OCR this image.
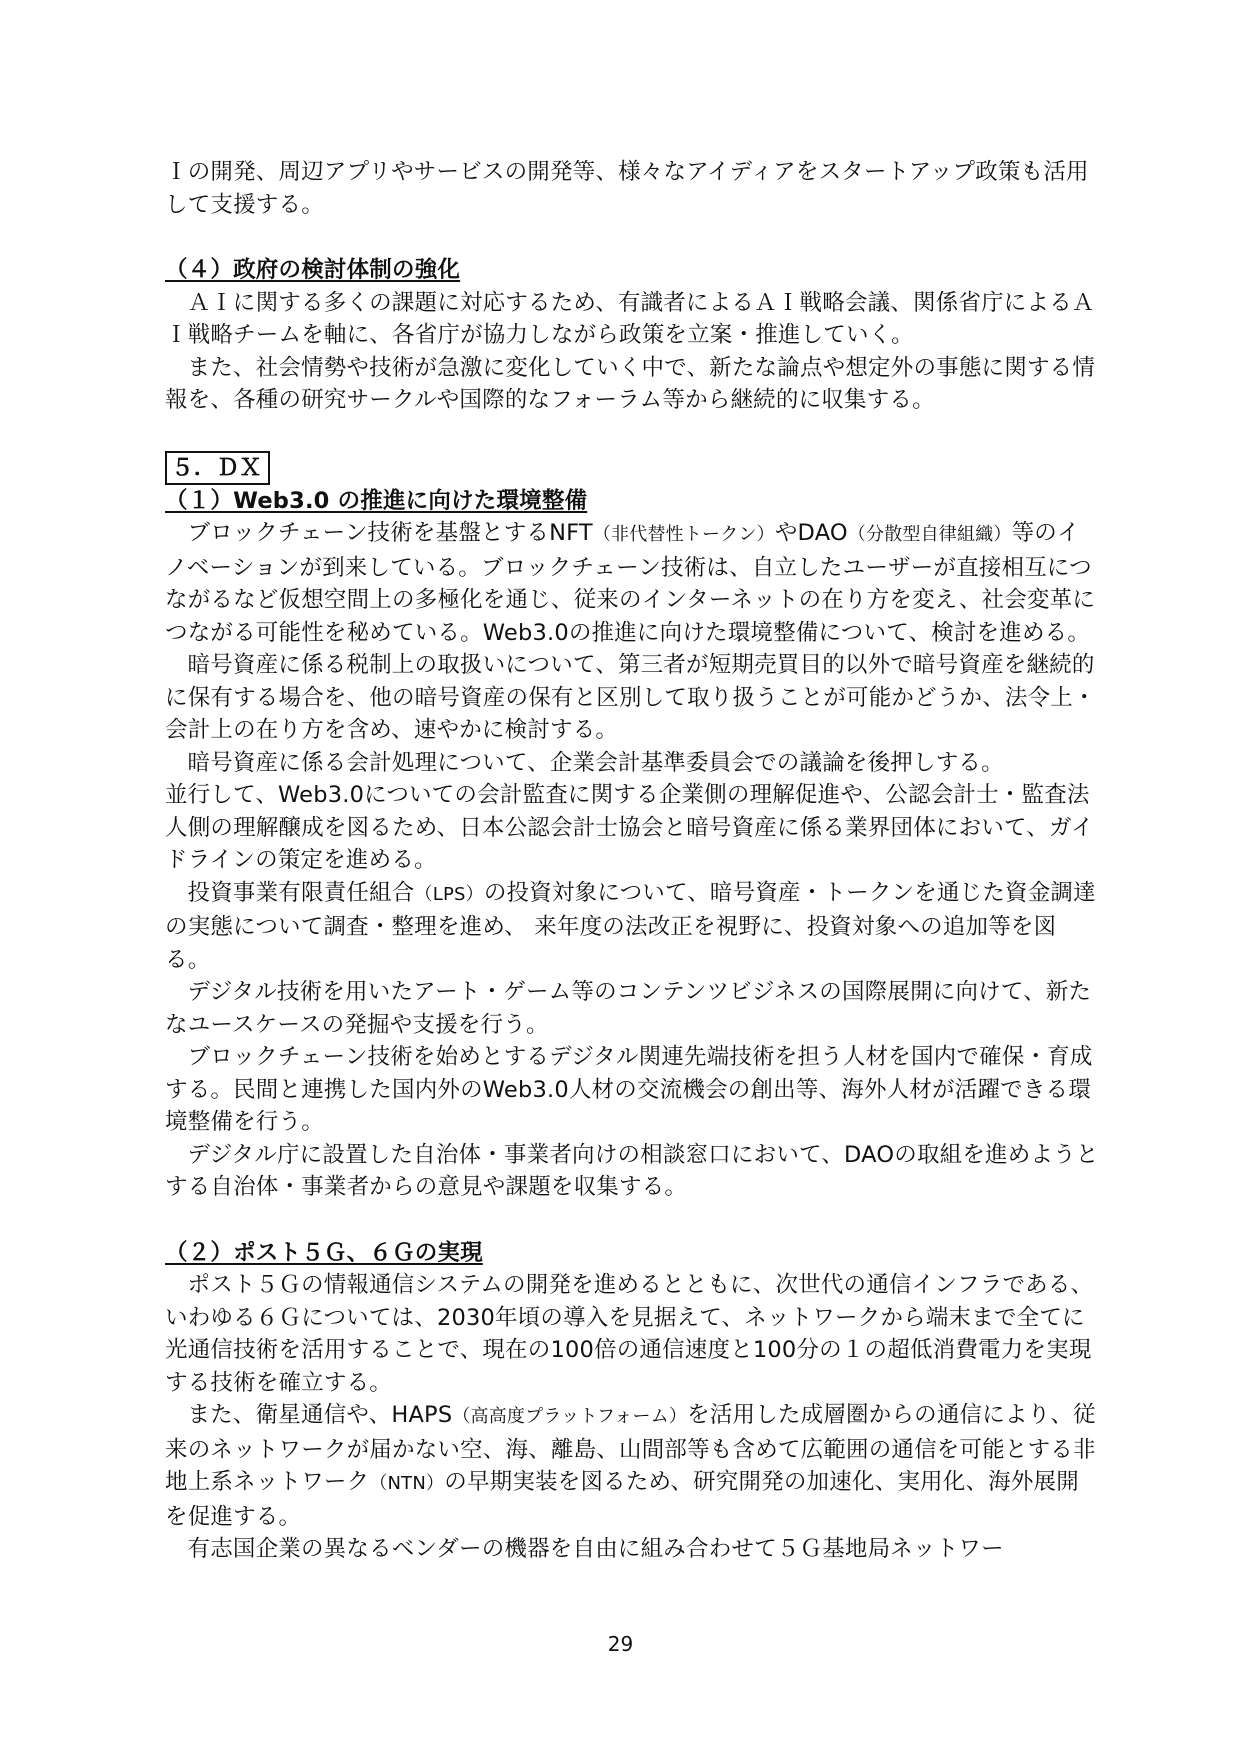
Ｉの開発、周辺アプリやサービスの開発等、様々なアイディアをスタートアップ政策も活用して支援する。

（４）政府の検討体制の強化

ＡＩに関する多くの課題に対応するため、有識者によるＡＩ戦略会議、関係省庁によるＡＩ戦略チームを軸に、各省庁が協力しながら政策を立案・推進していく。

また、社会情勢や技術が急激に変化していく中で、新たな論点や想定外の事態に関する情報を、各種の研究サークルや国際的なフォーラム等から継続的に収集する。

５．ＤＸ

（１）Web3.0 の推進に向けた環境整備

ブロックチェーン技術を基盤とするNFT（非代替性トークン）やDAO（分散型自律組織）等のイノベーションが到来している。ブロックチェーン技術は、自立したユーザーが直接相互につながるなど仮想空間上の多極化を通じ、従来のインターネットの在り方を変え、社会変革につながる可能性を秘めている。Web3.0の推進に向けた環境整備について、検討を進める。

暗号資産に係る税制上の取扱いについて、第三者が短期売買目的以外で暗号資産を継続的に保有する場合を、他の暗号資産の保有と区別して取り扱うことが可能かどうか、法令上・会計上の在り方を含め、速やかに検討する。

暗号資産に係る会計処理について、企業会計基準委員会での議論を後押しする。

並行して、Web3.0についての会計監査に関する企業側の理解促進や、公認会計士・監査法人側の理解醸成を図るため、日本公認会計士協会と暗号資産に係る業界団体において、ガイドラインの策定を進める。

投資事業有限責任組合（LPS）の投資対象について、暗号資産・トークンを通じた資金調達の実態について調査・整理を進め、 来年度の法改正を視野に、投資対象への追加等を図る。

デジタル技術を用いたアート・ゲーム等のコンテンツビジネスの国際展開に向けて、新たなユースケースの発掘や支援を行う。

ブロックチェーン技術を始めとするデジタル関連先端技術を担う人材を国内で確保・育成する。民間と連携した国内外のWeb3.0人材の交流機会の創出等、海外人材が活躍できる環境整備を行う。

デジタル庁に設置した自治体・事業者向けの相談窓口において、DAOの取組を進めようとする自治体・事業者からの意見や課題を収集する。

（２）ポスト５Ｇ、６Ｇの実現

ポスト５Ｇの情報通信システムの開発を進めるとともに、次世代の通信インフラである、いわゆる６Ｇについては、2030年頃の導入を見据えて、ネットワークから端末まで全てに光通信技術を活用することで、現在の100倍の通信速度と100分の１の超低消費電力を実現する技術を確立する。

また、衛星通信や、HAPS（高高度プラットフォーム）を活用した成層圏からの通信により、従来のネットワークが届かない空、海、離島、山間部等も含めて広範囲の通信を可能とする非地上系ネットワーク（NTN）の早期実装を図るため、研究開発の加速化、実用化、海外展開を促進する。

有志国企業の異なるベンダーの機器を自由に組み合わせて５Ｇ基地局ネットワー

29
